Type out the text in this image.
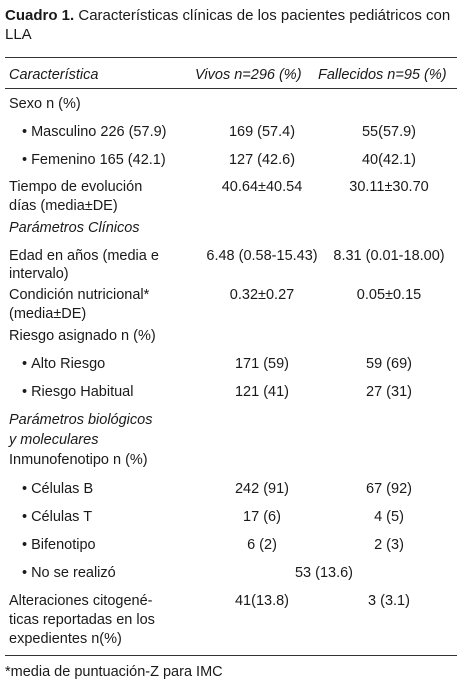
Cuadro 1. Características clínicas de los pacientes pediátricos con LLA
Característica	Vivos n=296 (%) Fallecidos n=95 (%)
Sexo n (%)
• Masculino 226 (57.9)	169 (57.4)	55(57.9)
• Femenino 165 (42.1)	127 (42.6)	40(42.1)
Tiempo de evolución
días (media±DE)
40.64±40.54	30.11±30.70
Parámetros Clínicos
Edad en años (media e
intervalo)
6.48 (0.58-15.43)	8.31 (0.01-18.00)
Condición nutricional*
(media±DE)
0.32±0.27	0.05±0.15
Riesgo asignado n (%)
• Alto Riesgo	171 (59)	59 (69)
• Riesgo Habitual	121 (41)	27 (31)
Parámetros biológicos
y moleculares
Inmunofenotipo n (%)
• Células B	242 (91)	67 (92)
• Células T	17 (6)	4 (5)
• Bifenotipo	6 (2)	2 (3)
• No se realizó	53 (13.6)
Alteraciones citogené-
ticas reportadas en los
expedientes n(%)
41(13.8)	3 (3.1)
*media de puntuación-Z para IMC
